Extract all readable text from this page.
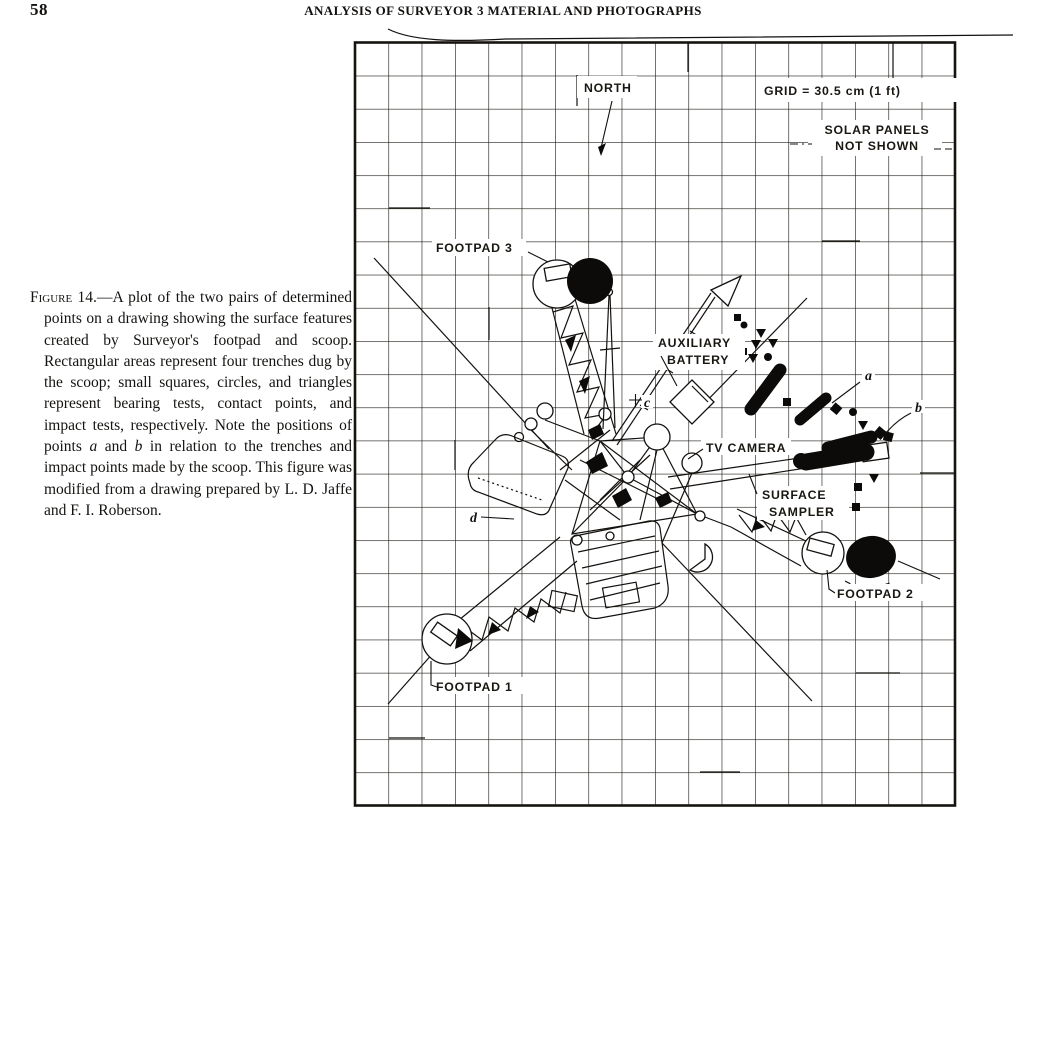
58	ANALYSIS OF SURVEYOR 3 MATERIAL AND PHOTOGRAPHS
Figure 14.—A plot of the two pairs of determined points on a drawing showing the surface features created by Surveyor's footpad and scoop. Rectangular areas represent four trenches dug by the scoop; small squares, circles, and triangles represent bearing tests, contact points, and impact tests, respectively. Note the positions of points a and b in relation to the trenches and impact points made by the scoop. This figure was modified from a drawing prepared by L. D. Jaffe and F. I. Roberson.
NORTH	GRID = 30.5 cm (1 ft)
SOLAR PANELS
NOT SHOWN
FOOTPAD 3
AUXILIARY
BATTERY
TV CAMERA
SURFACE
SAMPLER
FOOTPAD 2
FOOTPAD 1
a
b
c
d
